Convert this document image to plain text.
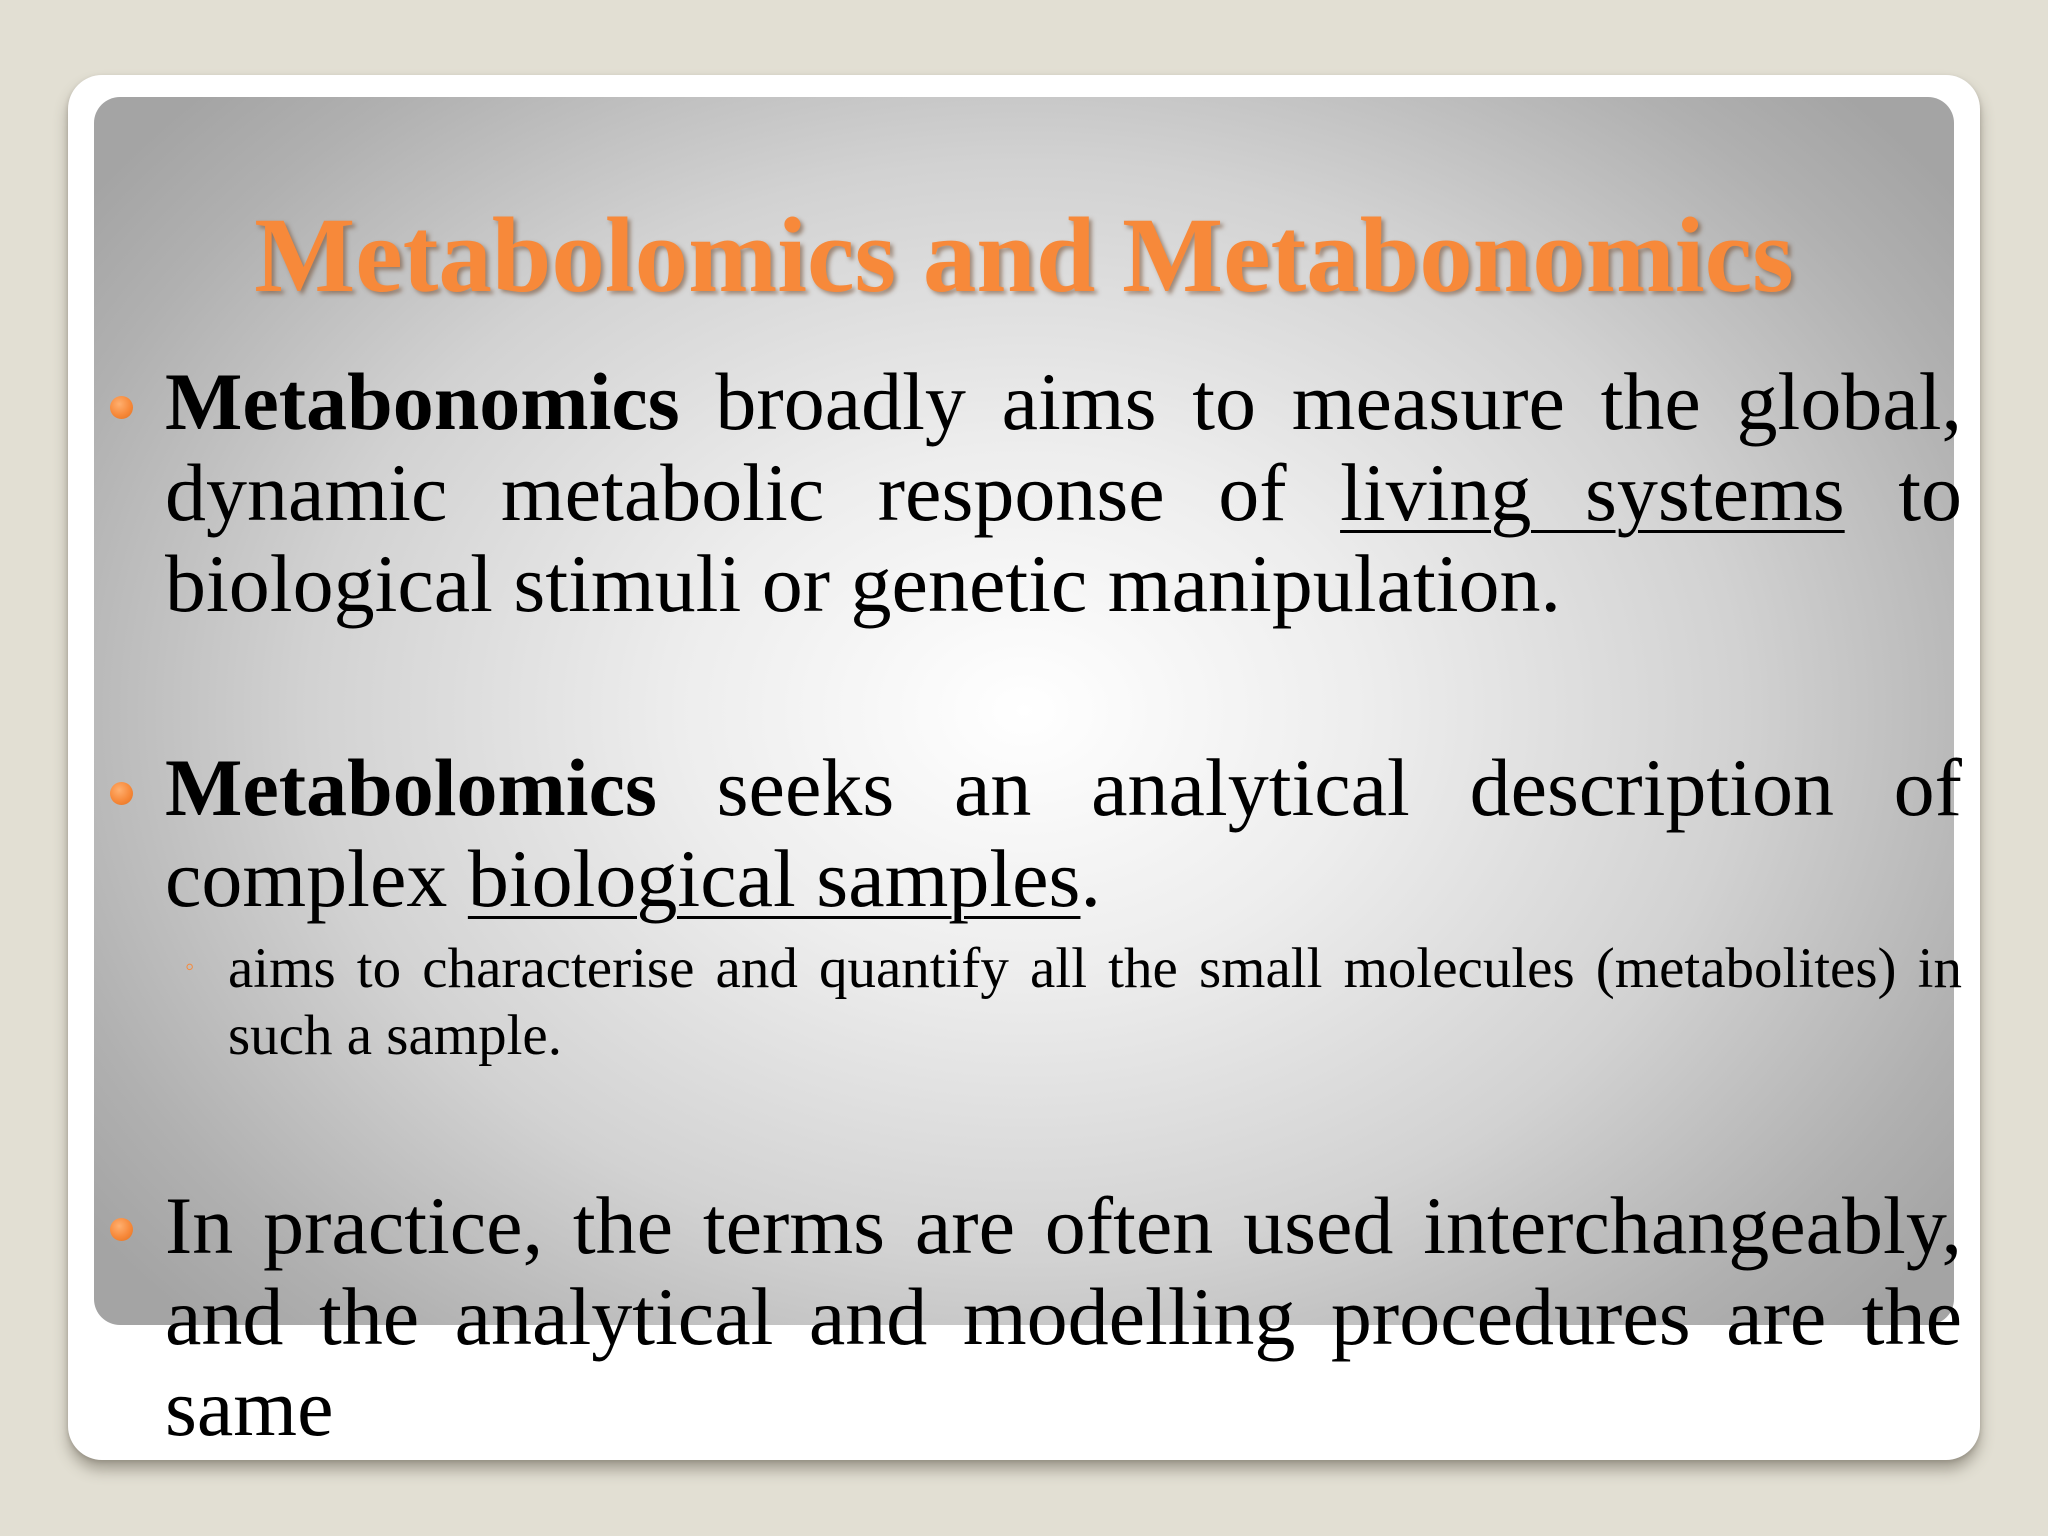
Metabolomics and Metabonomics

Metabonomics broadly aims to measure the global, dynamic metabolic response of living systems to biological stimuli or genetic manipulation.

Metabolomics seeks an analytical description of complex biological samples.

◦ aims to characterise and quantify all the small molecules (metabolites) in such a sample.

In practice, the terms are often used interchangeably, and the analytical and modelling procedures are the same
